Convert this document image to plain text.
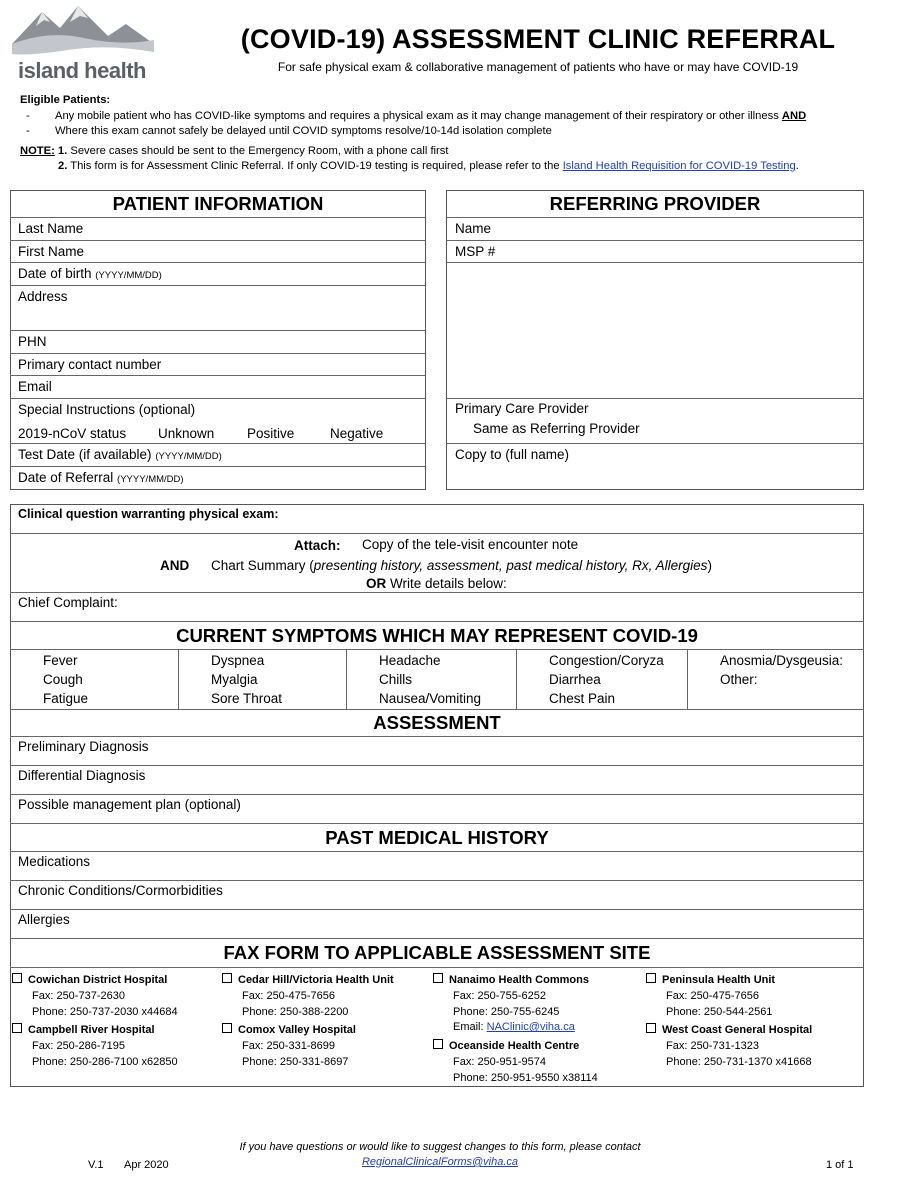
island health
(COVID-19) ASSESSMENT CLINIC REFERRAL
For safe physical exam & collaborative management of patients who have or may have COVID-19
Eligible Patients:
- Any mobile patient who has COVID-like symptoms and requires a physical exam as it may change management of their respiratory or other illness AND
- Where this exam cannot safely be delayed until COVID symptoms resolve/10-14d isolation complete
NOTE: 1. Severe cases should be sent to the Emergency Room, with a phone call first
2. This form is for Assessment Clinic Referral. If only COVID-19 testing is required, please refer to the Island Health Requisition for COVID-19 Testing.
PATIENT INFORMATION
Last Name
First Name
Date of birth (YYYY/MM/DD)
Address
PHN
Primary contact number
Email
Special Instructions (optional)
2019-nCoV status Unknown Positive	Negative
Test Date (if available) (YYYY/MM/DD)
Date of Referral (YYYY/MM/DD)
REFERRING PROVIDER
Name
MSP #
Primary Care Provider
Same as Referring Provider
Copy to (full name)
Clinical question warranting physical exam:
Attach: Copy of the tele-visit encounter note
AND Chart Summary (presenting history, assessment, past medical history, Rx, Allergies)
OR Write details below:
Chief Complaint:
CURRENT SYMPTOMS WHICH MAY REPRESENT COVID-19
Fever
Cough
Fatigue
Dyspnea
Myalgia
Sore Throat
Headache
Chills
Nausea/Vomiting
Congestion/Coryza
Diarrhea
Chest Pain
Anosmia/Dysgeusia:
Other:
ASSESSMENT
Preliminary Diagnosis
Differential Diagnosis
Possible management plan (optional)
PAST MEDICAL HISTORY
Medications
Chronic Conditions/Cormorbidities
Allergies
FAX FORM TO APPLICABLE ASSESSMENT SITE
Cowichan District Hospital
Fax: 250-737-2630
Phone: 250-737-2030 x44684
Campbell River Hospital
Fax: 250-286-7195
Phone: 250-286-7100 x62850
Cedar Hill/Victoria Health Unit
Fax: 250-475-7656
Phone: 250-388-2200
Comox Valley Hospital
Fax: 250-331-8699
Phone: 250-331-8697
Nanaimo Health Commons
Fax: 250-755-6252
Phone: 250-755-6245
Email: NAClinic@viha.ca
Oceanside Health Centre
Fax: 250-951-9574
Phone: 250-951-9550 x38114
Peninsula Health Unit
Fax: 250-475-7656
Phone: 250-544-2561
West Coast General Hospital
Fax: 250-731-1323
Phone: 250-731-1370 x41668
If you have questions or would like to suggest changes to this form, please contact
RegionalClinicalForms@viha.ca
V.1 Apr 2020	1 of 1
